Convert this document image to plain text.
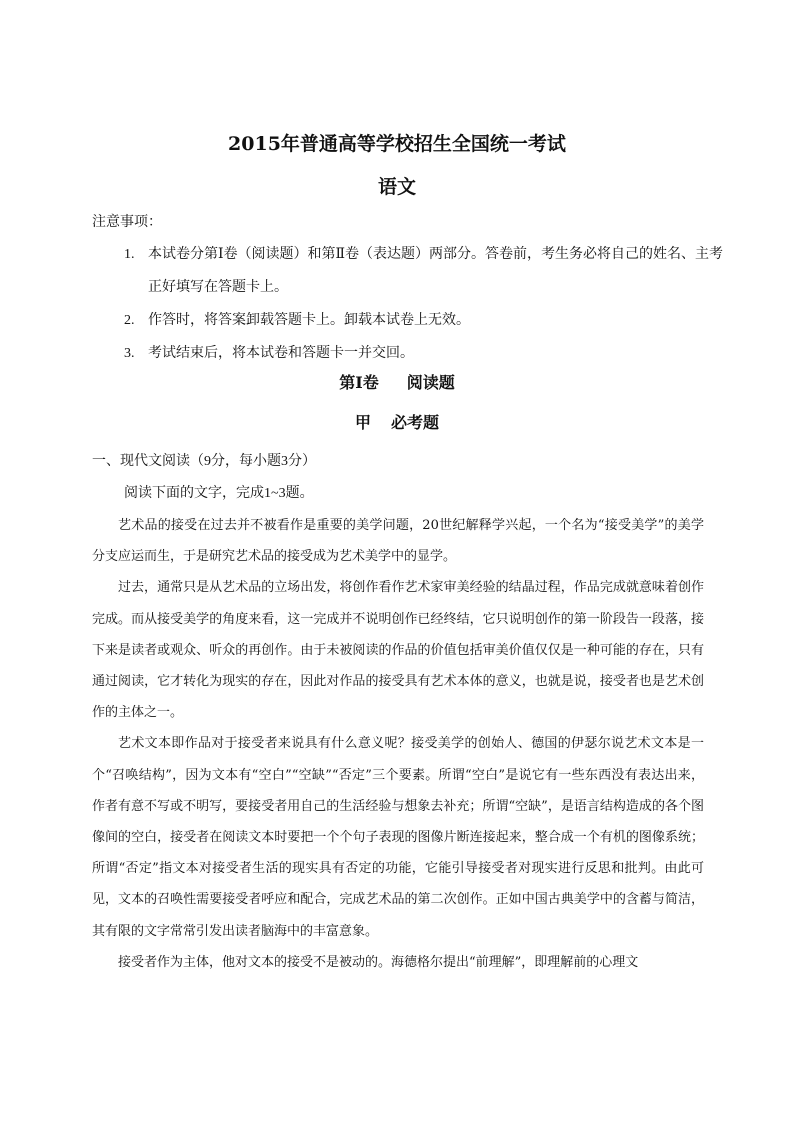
2015年普通高等学校招生全国统一考试
语文
注意事项：
1. 本试卷分第Ⅰ卷（阅读题）和第Ⅱ卷（表达题）两部分。答卷前，考生务必将自己的姓名、主考正好填写在答题卡上。
2. 作答时，将答案卸载答题卡上。卸载本试卷上无效。
3. 考试结束后，将本试卷和答题卡一并交回。
第Ⅰ卷 阅读题
甲 必考题
一、现代文阅读（9分，每小题3分）
阅读下面的文字，完成1~3题。

艺术品的接受在过去并不被看作是重要的美学问题，20世纪解释学兴起，一个名为“接受美学”的美学分支应运而生，于是研究艺术品的接受成为艺术美学中的显学。

过去，通常只是从艺术品的立场出发，将创作看作艺术家审美经验的结晶过程，作品完成就意味着创作完成。而从接受美学的角度来看，这一完成并不说明创作已经终结，它只说明创作的第一阶段告一段落，接下来是读者或观众、听众的再创作。由于未被阅读的作品的价值包括审美价值仅仅是一种可能的存在，只有通过阅读，它才转化为现实的存在，因此对作品的接受具有艺术本体的意义，也就是说，接受者也是艺术创作的主体之一。

艺术文本即作品对于接受者来说具有什么意义呢？接受美学的创始人、德国的伊瑟尔说艺术文本是一个“召唤结构”，因为文本有“空白”“空缺”“否定”三个要素。所谓“空白”是说它有一些东西没有表达出来，作者有意不写或不明写，要接受者用自己的生活经验与想象去补充；所谓“空缺”，是语言结构造成的各个图像间的空白，接受者在阅读文本时要把一个个句子表现的图像片断连接起来，整合成一个有机的图像系统；所谓“否定”指文本对接受者生活的现实具有否定的功能，它能引导接受者对现实进行反思和批判。由此可见，文本的召唤性需要接受者呼应和配合，完成艺术品的第二次创作。正如中国古典美学中的含蓄与简洁，其有限的文字常常引发出读者脑海中的丰富意象。

接受者作为主体，他对文本的接受不是被动的。海德格尔提出“前理解”，即理解前的心理文
